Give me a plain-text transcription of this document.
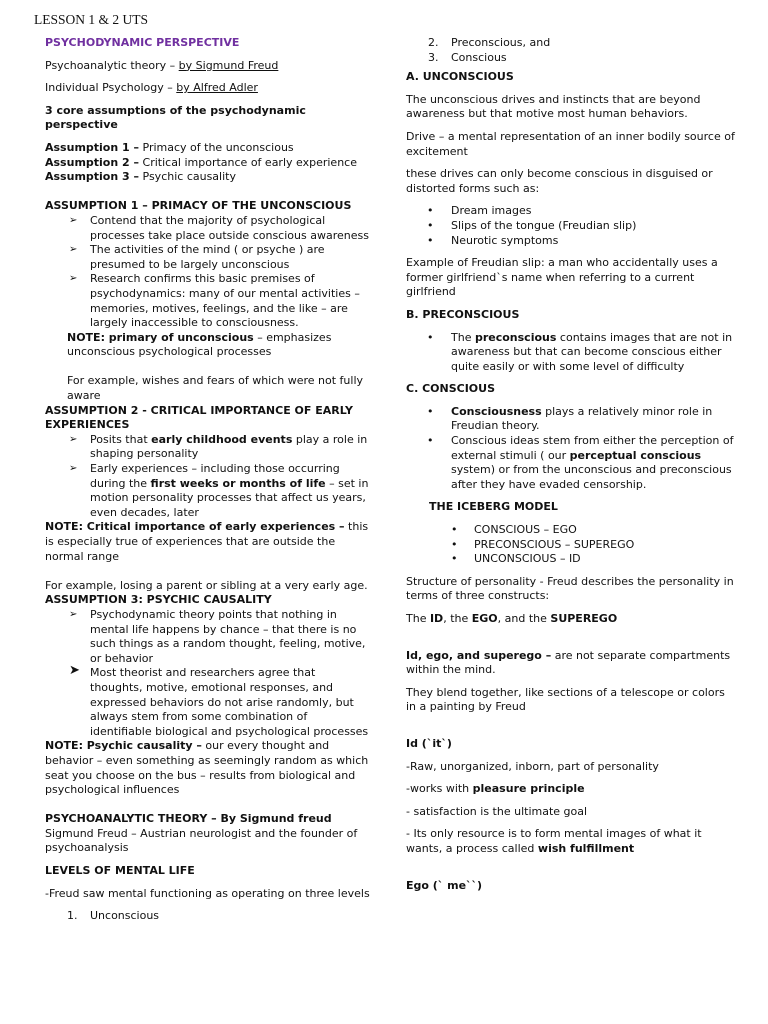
LESSON 1 & 2 UTS

PSYCHODYNAMIC PERSPECTIVE

Psychoanalytic theory – by Sigmund Freud

Individual Psychology – by Alfred Adler

3 core assumptions of the psychodynamic perspective

Assumption 1 – Primacy of the unconscious

Assumption 2 – Critical importance of early experience

Assumption 3 – Psychic causality

ASSUMPTION 1 – PRIMACY OF THE UNCONSCIOUS

➢ Contend that the majority of psychological processes take place outside conscious awareness
➢ The activities of the mind ( or psyche ) are presumed to be largely unconscious
➢ Research confirms this basic premises of psychodynamics: many of our mental activities – memories, motives, feelings, and the like – are largely inaccessible to consciousness.

NOTE: primary of unconscious – emphasizes unconscious psychological processes

For example, wishes and fears of which were not fully aware

ASSUMPTION 2 - CRITICAL IMPORTANCE OF EARLY EXPERIENCES

➢ Posits that early childhood events play a role in shaping personality
➢ Early experiences – including those occurring during the first weeks or months of life – set in motion personality processes that affect us years, even decades, later

NOTE: Critical importance of early experiences – this is especially true of experiences that are outside the normal range

For example, losing a parent or sibling at a very early age.

ASSUMPTION 3: PSYCHIC CAUSALITY

➢ Psychodynamic theory points that nothing in mental life happens by chance – that there is no such things as a random thought, feeling, motive, or behavior
➤ Most theorist and researchers agree that thoughts, motive, emotional responses, and expressed behaviors do not arise randomly, but always stem from some combination of identifiable biological and psychological processes

NOTE: Psychic causality – our every thought and behavior – even something as seemingly random as which seat you choose on the bus – results from biological and psychological influences

PSYCHOANALYTIC THEORY – By Sigmund freud

Sigmund Freud – Austrian neurologist and the founder of psychoanalysis

LEVELS OF MENTAL LIFE

-Freud saw mental functioning as operating on three levels

1. Unconscious
2. Preconscious, and
3. Conscious

A. UNCONSCIOUS

The unconscious drives and instincts that are beyond awareness but that motive most human behaviors.

Drive – a mental representation of an inner bodily source of excitement

these drives can only become conscious in disguised or distorted forms such as:

• Dream images
• Slips of the tongue (Freudian slip)
• Neurotic symptoms

Example of Freudian slip: a man who accidentally uses a former girlfriend`s name when referring to a current girlfriend

B. PRECONSCIOUS

• The preconscious contains images that are not in awareness but that can become conscious either quite easily or with some level of difficulty

C. CONSCIOUS

• Consciousness plays a relatively minor role in Freudian theory.
• Conscious ideas stem from either the perception of external stimuli ( our perceptual conscious system) or from the unconscious and preconscious after they have evaded censorship.

THE ICEBERG MODEL

• CONSCIOUS – EGO
• PRECONSCIOUS – SUPEREGO
• UNCONSCIOUS – ID

Structure of personality - Freud describes the personality in terms of three constructs:

The ID, the EGO, and the SUPEREGO

Id, ego, and superego – are not separate compartments within the mind.

They blend together, like sections of a telescope or colors in a painting by Freud

Id (`it`)

-Raw, unorganized, inborn, part of personality

-works with pleasure principle

- satisfaction is the ultimate goal

- Its only resource is to form mental images of what it wants, a process called wish fulfillment

Ego (` me``)
